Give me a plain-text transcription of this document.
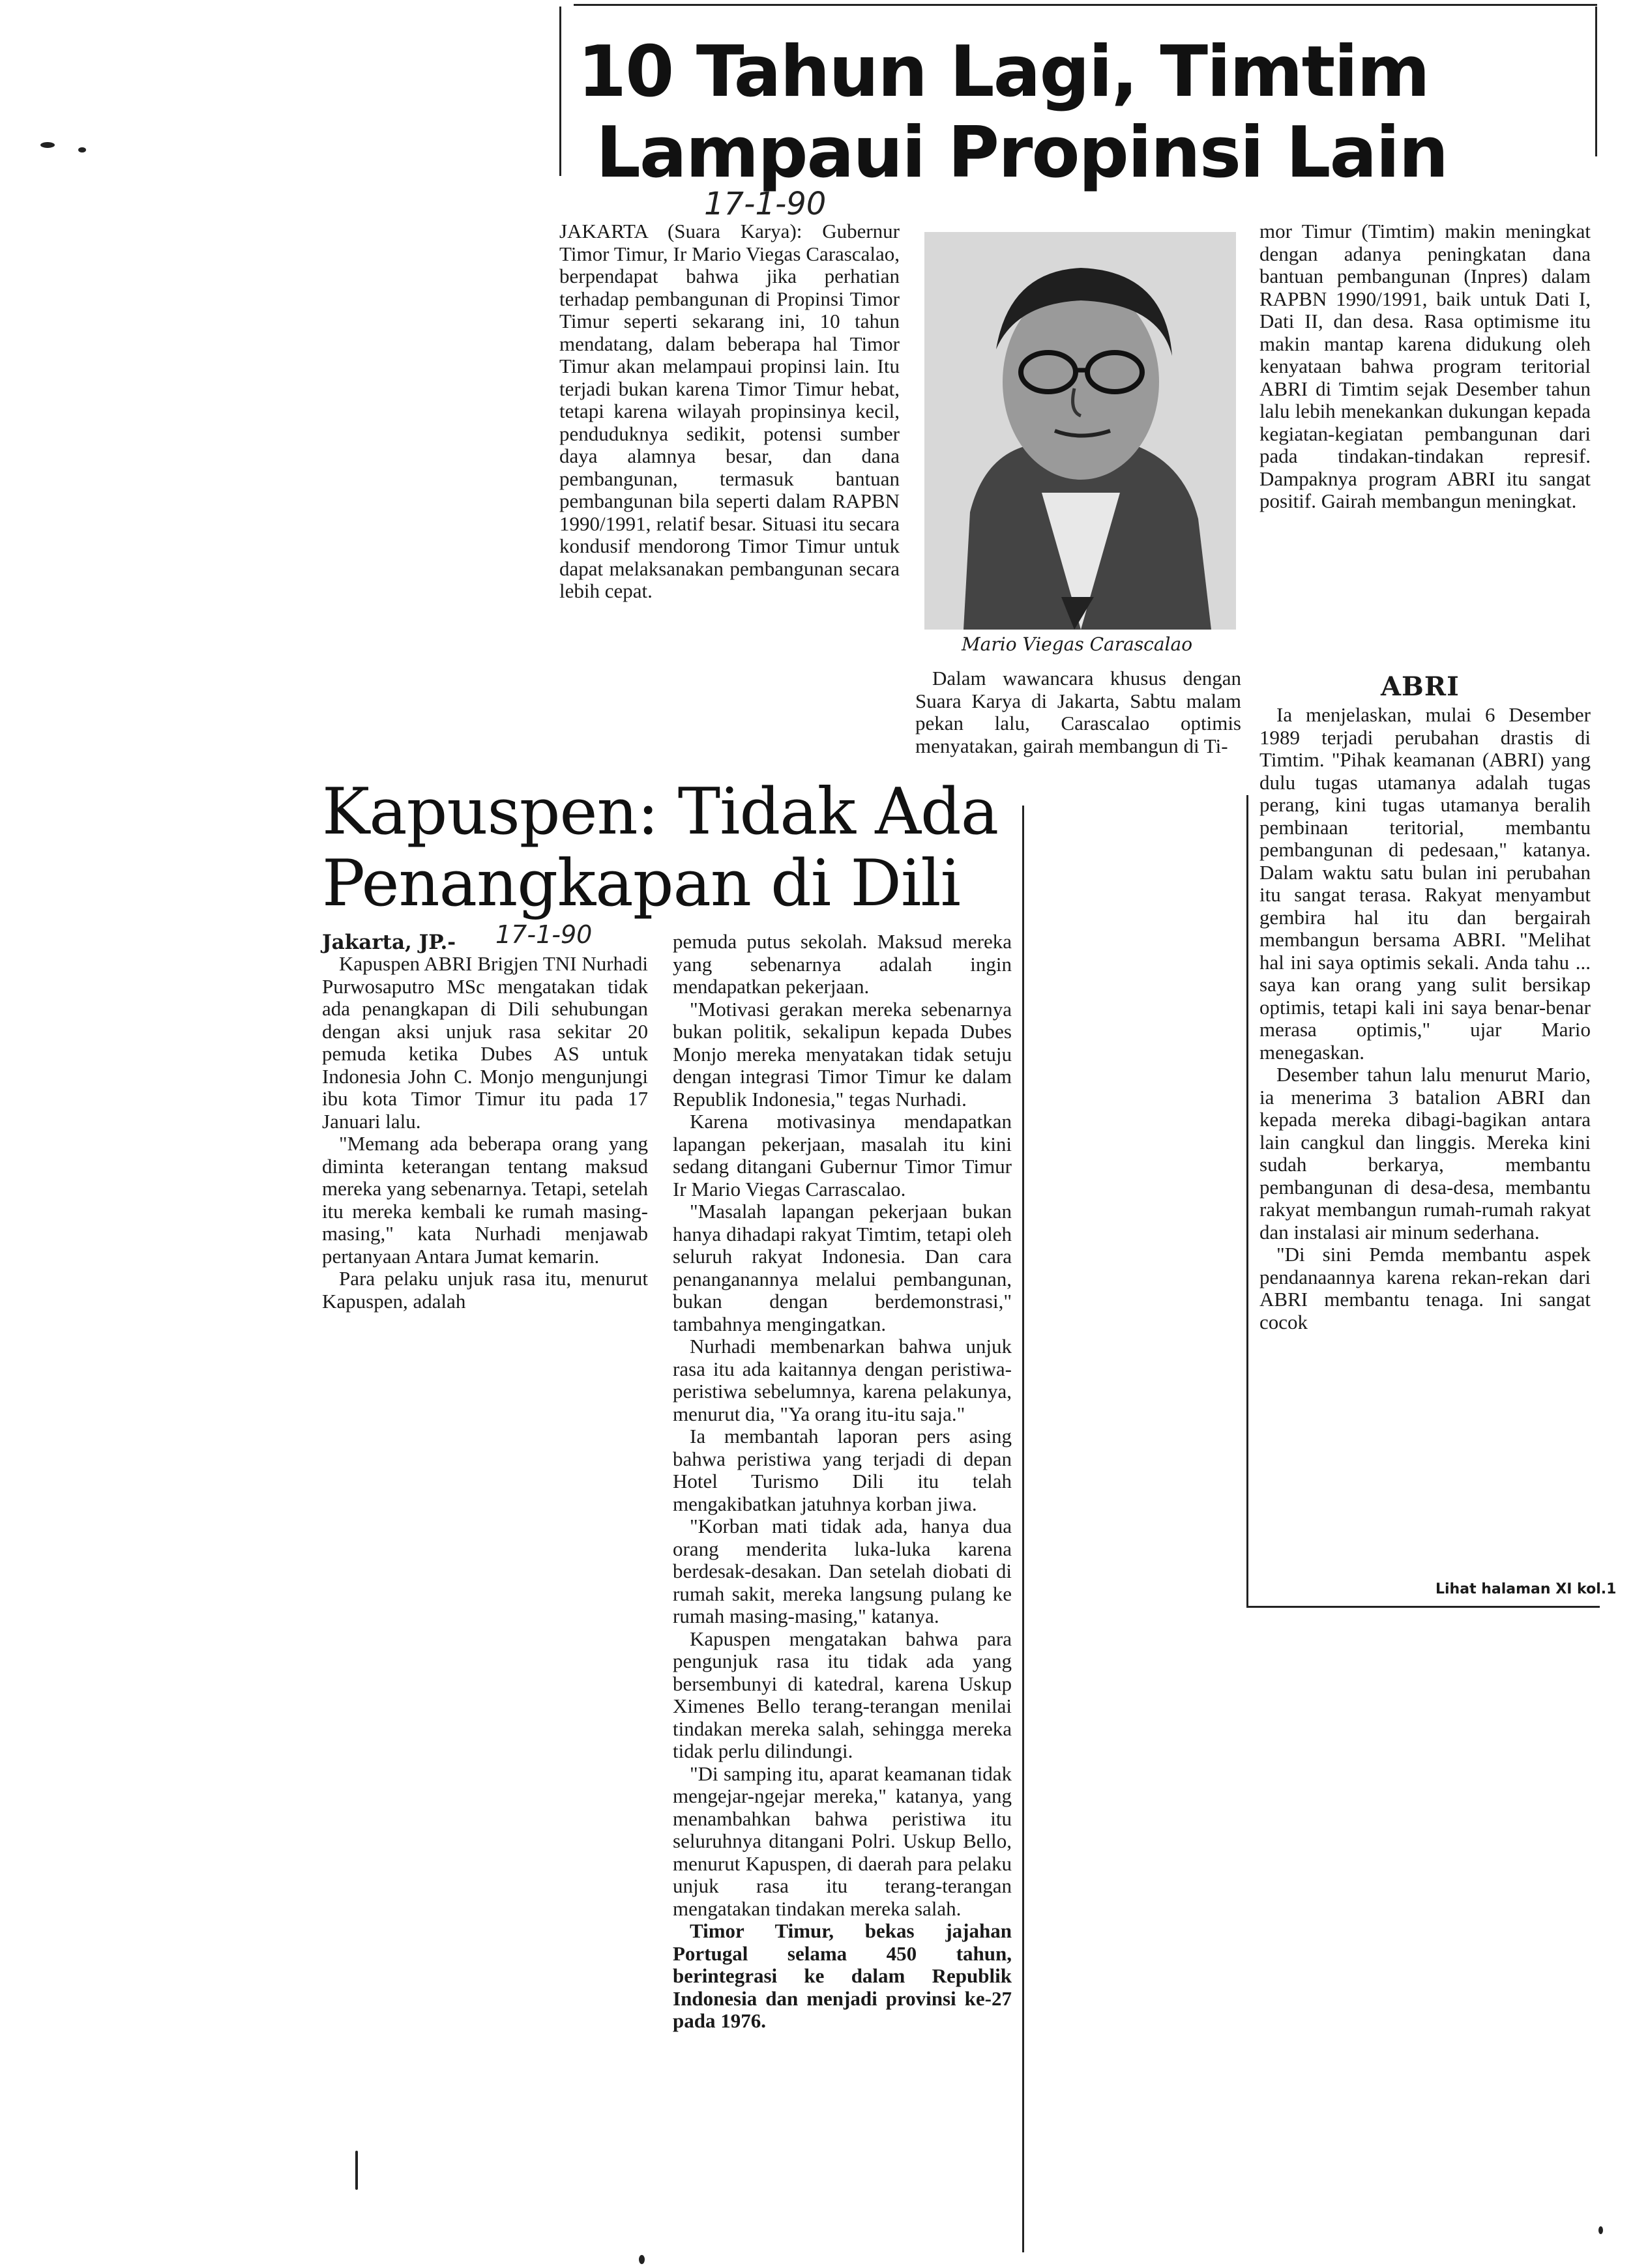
10 Tahun Lagi, Timtim
Lampaui Propinsi Lain
17-1-90

JAKARTA (Suara Karya): Gubernur Timor Timur, Ir Mario Viegas Carascalao, berpendapat bahwa jika perhatian terhadap pembangunan di Propinsi Timor Timur seperti sekarang ini, 10 tahun mendatang, dalam beberapa hal Timor Timur akan melampaui propinsi lain. Itu terjadi bukan karena Timor Timur hebat, tetapi karena wilayah propinsinya kecil, penduduknya sedikit, potensi sumber daya alamnya besar, dan dana pembangunan, termasuk bantuan pembangunan bila seperti dalam RAPBN 1990/1991, relatif besar. Situasi itu secara kondusif mendorong Timor Timur untuk dapat melaksanakan pembangunan secara lebih cepat.

Mario Viegas Carascalao

Dalam wawancara khusus dengan Suara Karya di Jakarta, Sabtu malam pekan lalu, Carascalao optimis menyatakan, gairah membangun di Ti-

mor Timur (Timtim) makin meningkat dengan adanya peningkatan dana bantuan pembangunan (Inpres) dalam RAPBN 1990/1991, baik untuk Dati I, Dati II, dan desa. Rasa optimisme itu makin mantap karena didukung oleh kenyataan bahwa program teritorial ABRI di Timtim sejak Desember tahun lalu lebih menekankan dukungan kepada kegiatan-kegiatan pembangunan dari pada tindakan-tindakan represif. Dampaknya program ABRI itu sangat positif. Gairah membangun meningkat.

ABRI

Ia menjelaskan, mulai 6 Desember 1989 terjadi perubahan drastis di Timtim. "Pihak keamanan (ABRI) yang dulu tugas utamanya adalah tugas perang, kini tugas utamanya beralih pembinaan teritorial, membantu pembangunan di pedesaan," katanya. Dalam waktu satu bulan ini perubahan itu sangat terasa. Rakyat menyambut gembira hal itu dan bergairah membangun bersama ABRI. "Melihat hal ini saya optimis sekali. Anda tahu ... saya kan orang yang sulit bersikap optimis, tetapi kali ini saya benar-benar merasa optimis," ujar Mario menegaskan.

Desember tahun lalu menurut Mario, ia menerima 3 batalion ABRI dan kepada mereka dibagi-bagikan antara lain cangkul dan linggis. Mereka kini sudah berkarya, membantu pembangunan di desa-desa, membantu rakyat membangun rumah-rumah rakyat dan instalasi air minum sederhana.

"Di sini Pemda membantu aspek pendanaannya karena rekan-rekan dari ABRI membantu tenaga. Ini sangat cocok

Lihat halaman XI kol.1
Kapuspen: Tidak Ada
Penangkapan di Dili
Jakarta, JP.- 17-1-90

Kapuspen ABRI Brigjen TNI Nurhadi Purwosaputro MSc mengatakan tidak ada penangkapan di Dili sehubungan dengan aksi unjuk rasa sekitar 20 pemuda ketika Dubes AS untuk Indonesia John C. Monjo mengunjungi ibu kota Timor Timur itu pada 17 Januari lalu.

"Memang ada beberapa orang yang diminta keterangan tentang maksud mereka yang sebenarnya. Tetapi, setelah itu mereka kembali ke rumah masing-masing," kata Nurhadi menjawab pertanyaan Antara Jumat kemarin.

Para pelaku unjuk rasa itu, menurut Kapuspen, adalah

pemuda putus sekolah. Maksud mereka yang sebenarnya adalah ingin mendapatkan pekerjaan.

"Motivasi gerakan mereka sebenarnya bukan politik, sekalipun kepada Dubes Monjo mereka menyatakan tidak setuju dengan integrasi Timor Timur ke dalam Republik Indonesia," tegas Nurhadi.

Karena motivasinya mendapatkan lapangan pekerjaan, masalah itu kini sedang ditangani Gubernur Timor Timur Ir Mario Viegas Carrascalao.

"Masalah lapangan pekerjaan bukan hanya dihadapi rakyat Timtim, tetapi oleh seluruh rakyat Indonesia. Dan cara penanganannya melalui pembangunan, bukan dengan berdemonstrasi," tambahnya mengingatkan.

Nurhadi membenarkan bahwa unjuk rasa itu ada kaitannya dengan peristiwa-peristiwa sebelumnya, karena pelakunya, menurut dia, "Ya orang itu-itu saja."

Ia membantah laporan pers asing bahwa peristiwa yang terjadi di depan Hotel Turismo Dili itu telah mengakibatkan jatuhnya korban jiwa.

"Korban mati tidak ada, hanya dua orang menderita luka-luka karena berdesak-desakan. Dan setelah diobati di rumah sakit, mereka langsung pulang ke rumah masing-masing," katanya.

Kapuspen mengatakan bahwa para pengunjuk rasa itu tidak ada yang bersembunyi di katedral, karena Uskup Ximenes Bello terang-terangan menilai tindakan mereka salah, sehingga mereka tidak perlu dilindungi.

"Di samping itu, aparat keamanan tidak mengejar-ngejar mereka," katanya, yang menambahkan bahwa peristiwa itu seluruhnya ditangani Polri. Uskup Bello, menurut Kapuspen, di daerah para pelaku unjuk rasa itu terang-terangan mengatakan tindakan mereka salah.

Timor Timur, bekas jajahan Portugal selama 450 tahun, berintegrasi ke dalam Republik Indonesia dan menjadi provinsi ke-27 pada 1976.
